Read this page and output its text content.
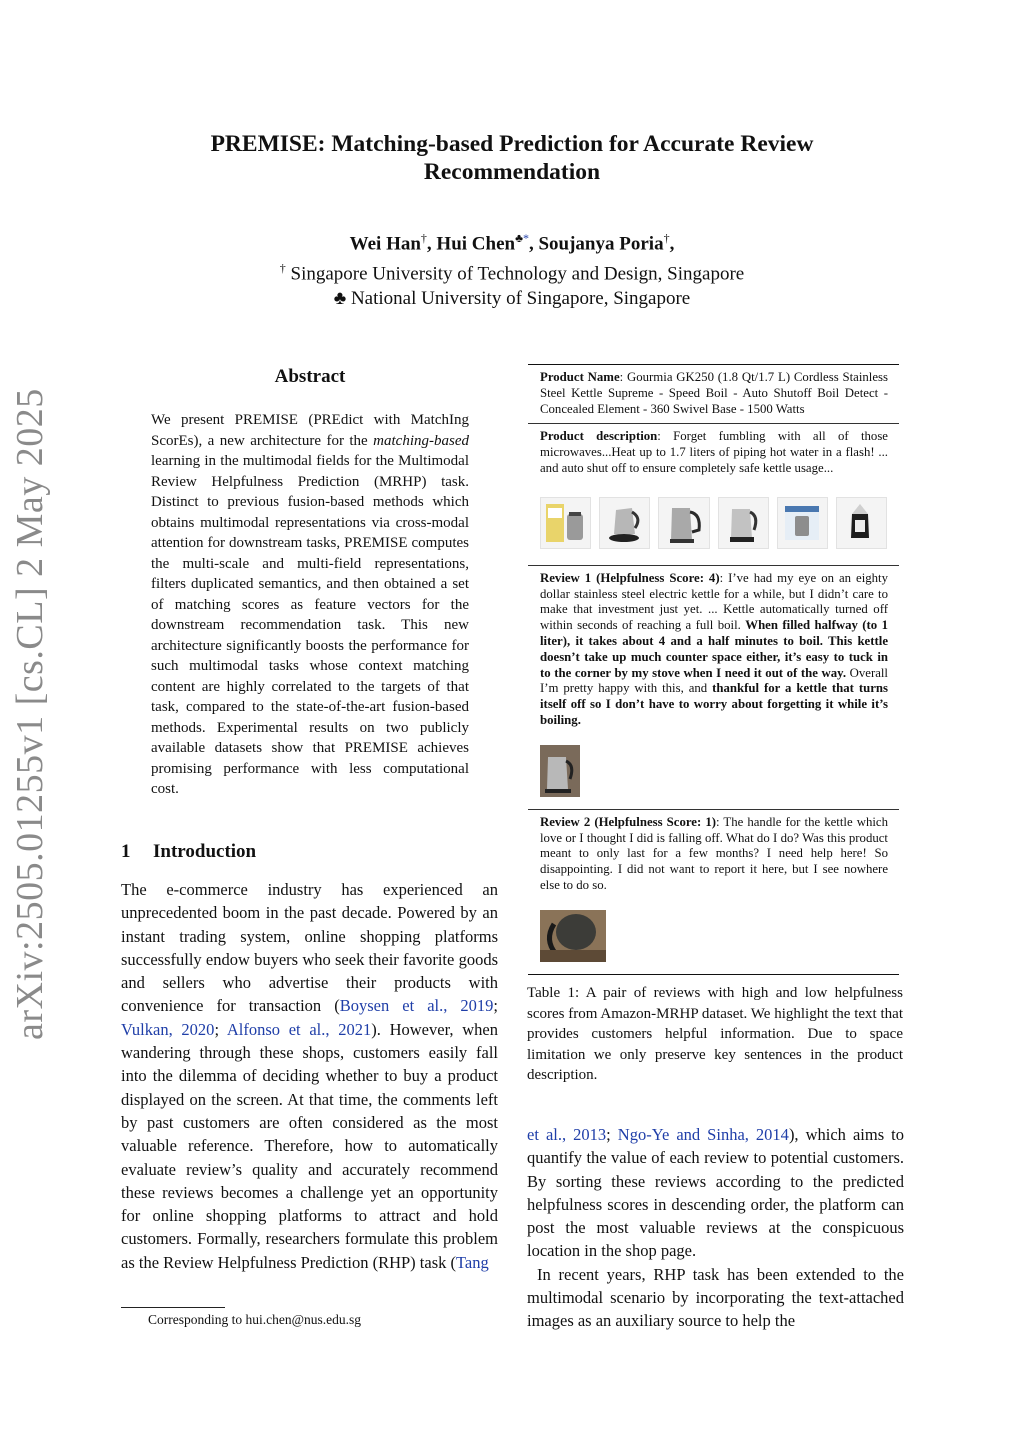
arXiv:2505.01255v1 [cs.CL] 2 May 2025
PREMISE: Matching-based Prediction for Accurate Review Recommendation
Wei Han†, Hui Chen♣*, Soujanya Poria†,
† Singapore University of Technology and Design, Singapore
♣ National University of Singapore, Singapore
Abstract

We present PREMISE (PREdict with MatchIng ScorEs), a new architecture for the matching-based learning in the multimodal fields for the Multimodal Review Helpfulness Prediction (MRHP) task. Distinct to previous fusion-based methods which obtains multimodal representations via cross-modal attention for downstream tasks, PREMISE computes the multi-scale and multi-field representations, filters duplicated semantics, and then obtained a set of matching scores as feature vectors for the downstream recommendation task. This new architecture significantly boosts the performance for such multimodal tasks whose context matching content are highly correlated to the targets of that task, compared to the state-of-the-art fusion-based methods. Experimental results on two publicly available datasets show that PREMISE achieves promising performance with less computational cost.

1 Introduction

The e-commerce industry has experienced an unprecedented boom in the past decade. Powered by an instant trading system, online shopping platforms successfully endow buyers who seek their favorite goods and sellers who advertise their products with convenience for transaction (Boysen et al., 2019; Vulkan, 2020; Alfonso et al., 2021). However, when wandering through these shops, customers easily fall into the dilemma of deciding whether to buy a product displayed on the screen. At that time, the comments left by past customers are often considered as the most valuable reference. Therefore, how to automatically evaluate review’s quality and accurately recommend these reviews becomes a challenge yet an opportunity for online shopping platforms to attract and hold customers. Formally, researchers formulate this problem as the Review Helpfulness Prediction (RHP) task (Tang

Corresponding to hui.chen@nus.edu.sg
Product Name: Gourmia GK250 (1.8 Qt/1.7 L) Cordless Stainless Steel Kettle Supreme - Speed Boil - Auto Shutoff Boil Detect - Concealed Element - 360 Swivel Base - 1500 Watts
Product description: Forget fumbling with all of those microwaves...Heat up to 1.7 liters of piping hot water in a flash! ... and auto shut off to ensure completely safe kettle usage...
Review 1 (Helpfulness Score: 4): I’ve had my eye on an eighty dollar stainless steel electric kettle for a while, but I didn’t care to make that investment just yet. ... Kettle automatically turned off within seconds of reaching a full boil. When filled halfway (to 1 liter), it takes about 4 and a half minutes to boil. This kettle doesn’t take up much counter space either, it’s easy to tuck in to the corner by my stove when I need it out of the way. Overall I’m pretty happy with this, and thankful for a kettle that turns itself off so I don’t have to worry about forgetting it while it’s boiling.
Review 2 (Helpfulness Score: 1): The handle for the kettle which love or I thought I did is falling off. What do I do? Was this product meant to only last for a few months? I need help here! So disappointing. I did not want to report it here, but I see nowhere else to do so.

Table 1: A pair of reviews with high and low helpfulness scores from Amazon-MRHP dataset. We highlight the text that provides customers helpful information. Due to space limitation we only preserve key sentences in the product description.

et al., 2013; Ngo-Ye and Sinha, 2014), which aims to quantify the value of each review to potential customers. By sorting these reviews according to the predicted helpfulness scores in descending order, the platform can post the most valuable reviews at the conspicuous location in the shop page.
In recent years, RHP task has been extended to the multimodal scenario by incorporating the text-attached images as an auxiliary source to help the
